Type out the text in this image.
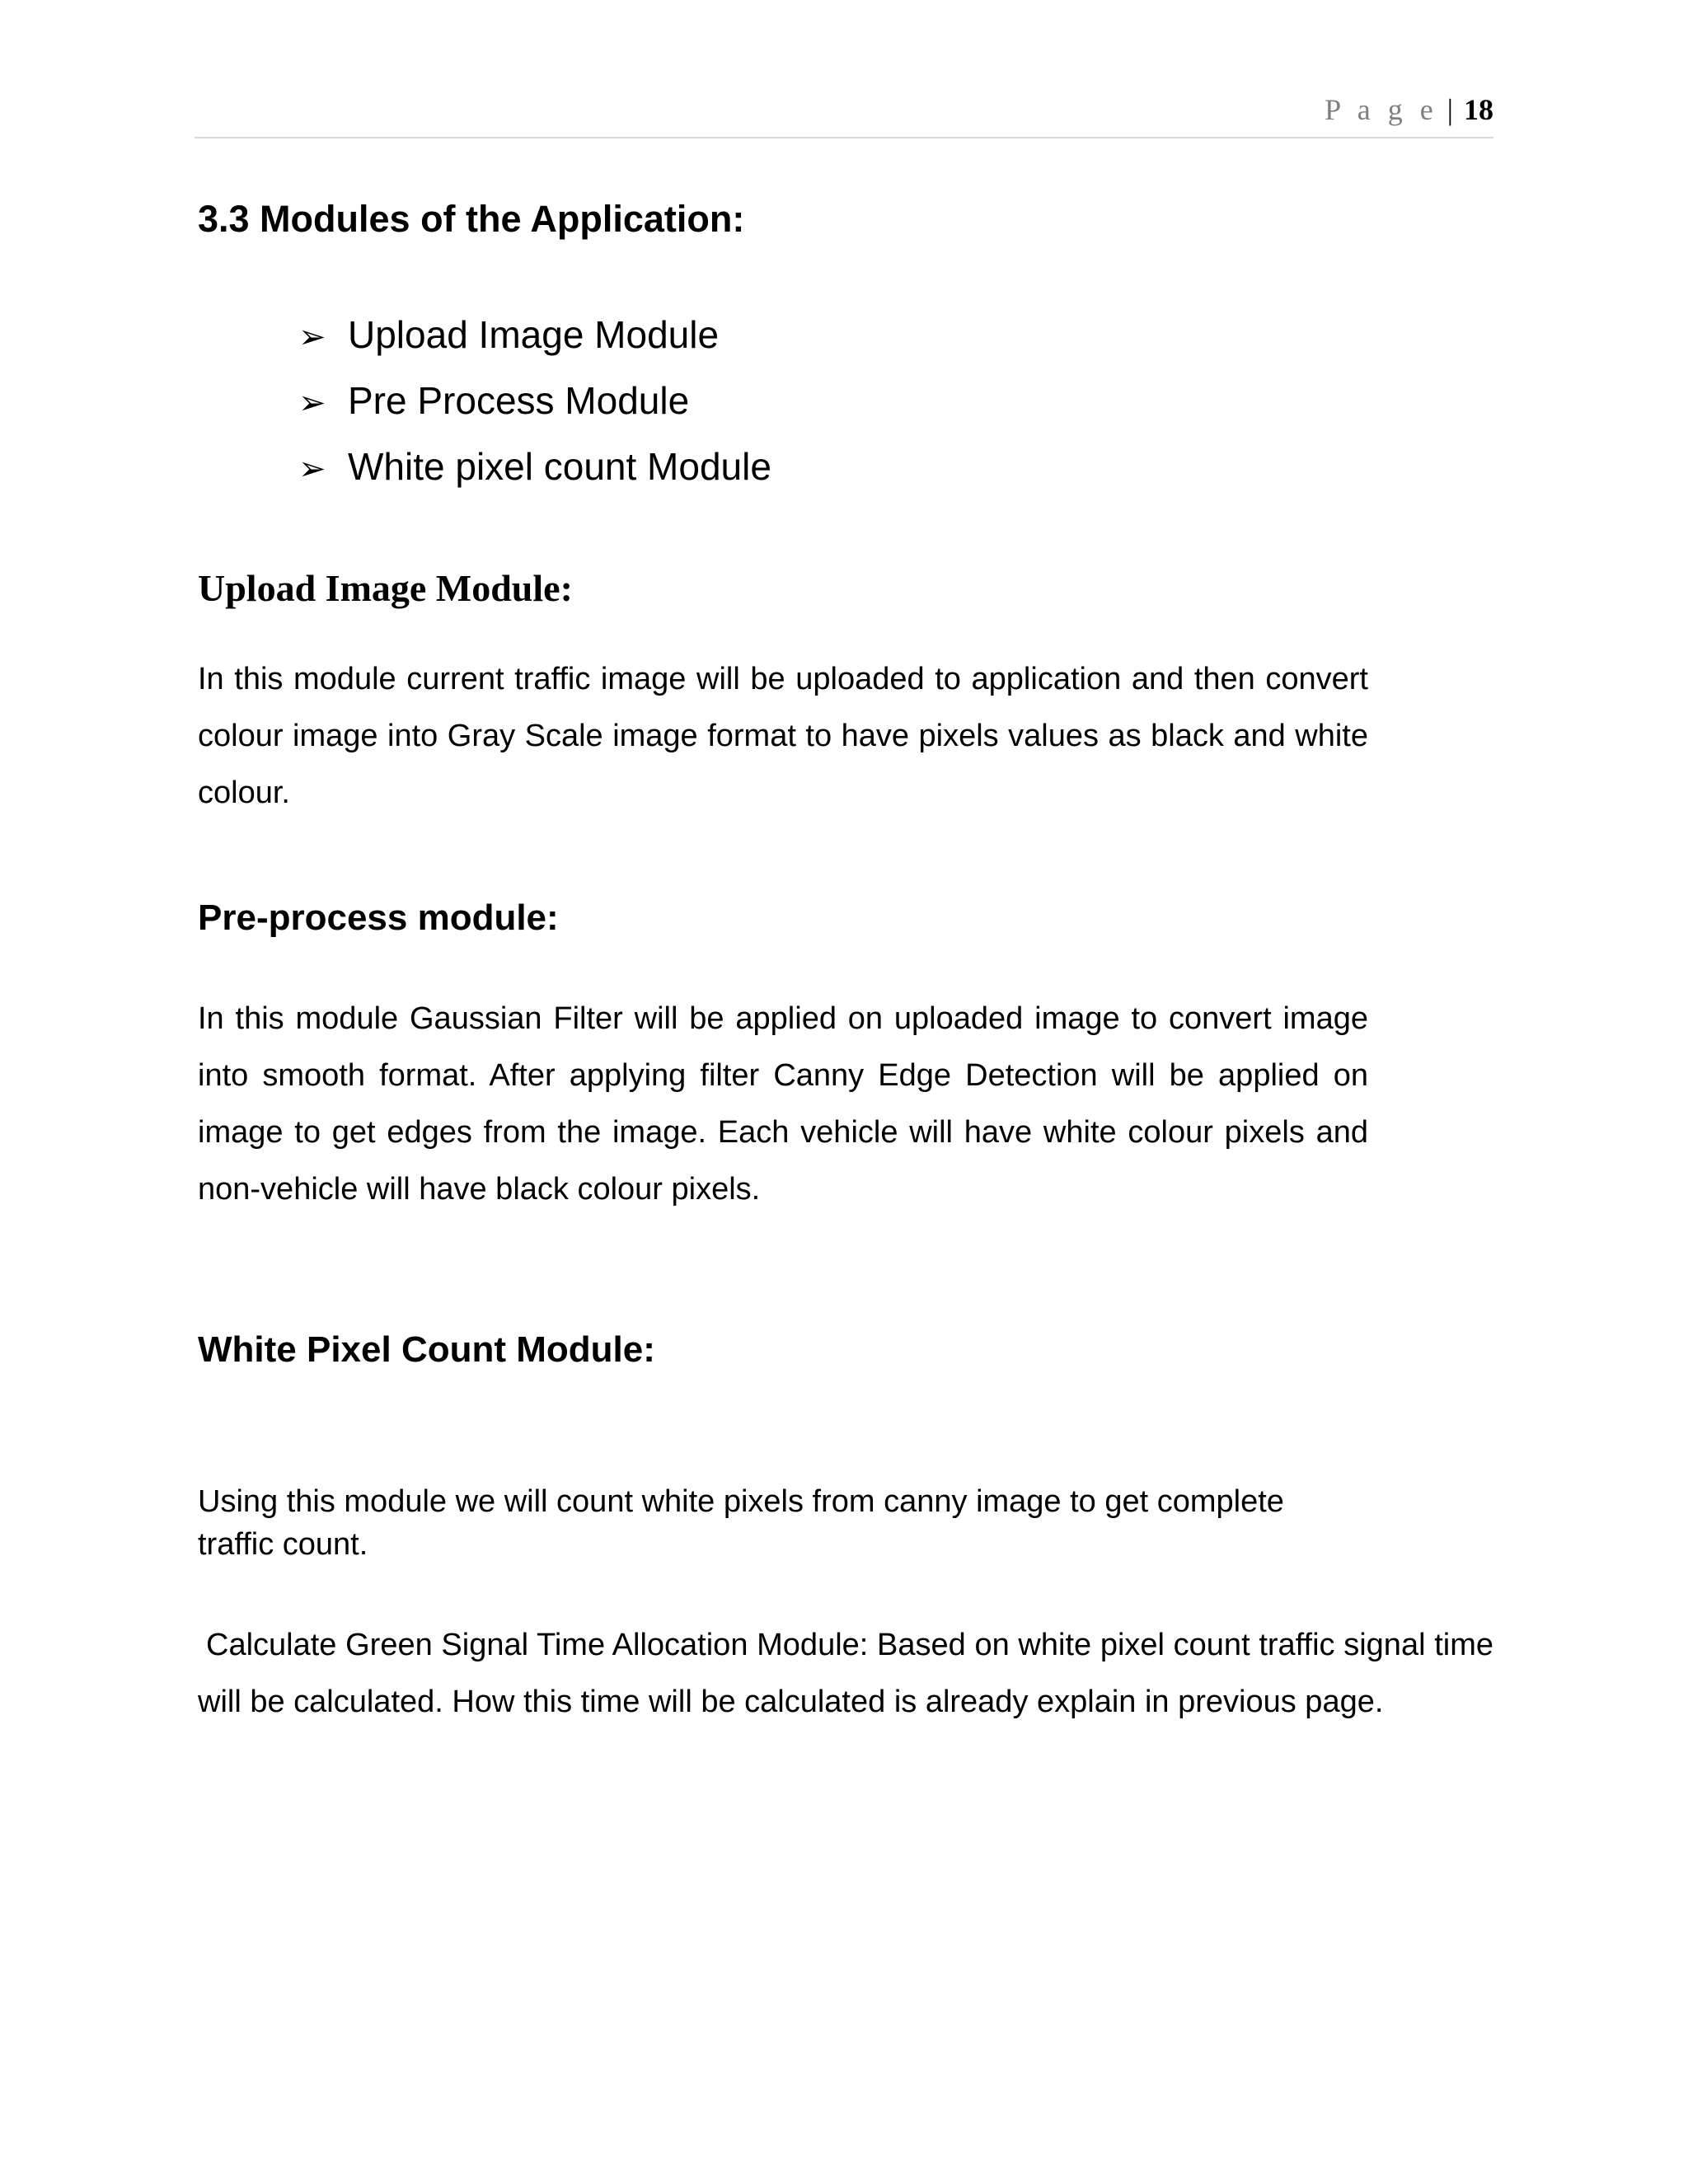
P a g e | 18
3.3 Modules of the Application:
➢ Upload Image Module
➢ Pre Process Module
➢ White pixel count Module
Upload Image Module:

In this module current traffic image will be uploaded to application and then convert colour image into Gray Scale image format to have pixels values as black and white colour.

Pre-process module:

In this module Gaussian Filter will be applied on uploaded image to convert image into smooth format. After applying filter Canny Edge Detection will be applied on image to get edges from the image. Each vehicle will have white colour pixels and non-vehicle will have black colour pixels.

White Pixel Count Module:

Using this module we will count white pixels from canny image to get complete traffic count.

Calculate Green Signal Time Allocation Module: Based on white pixel count traffic signal time will be calculated. How this time will be calculated is already explain in previous page.
